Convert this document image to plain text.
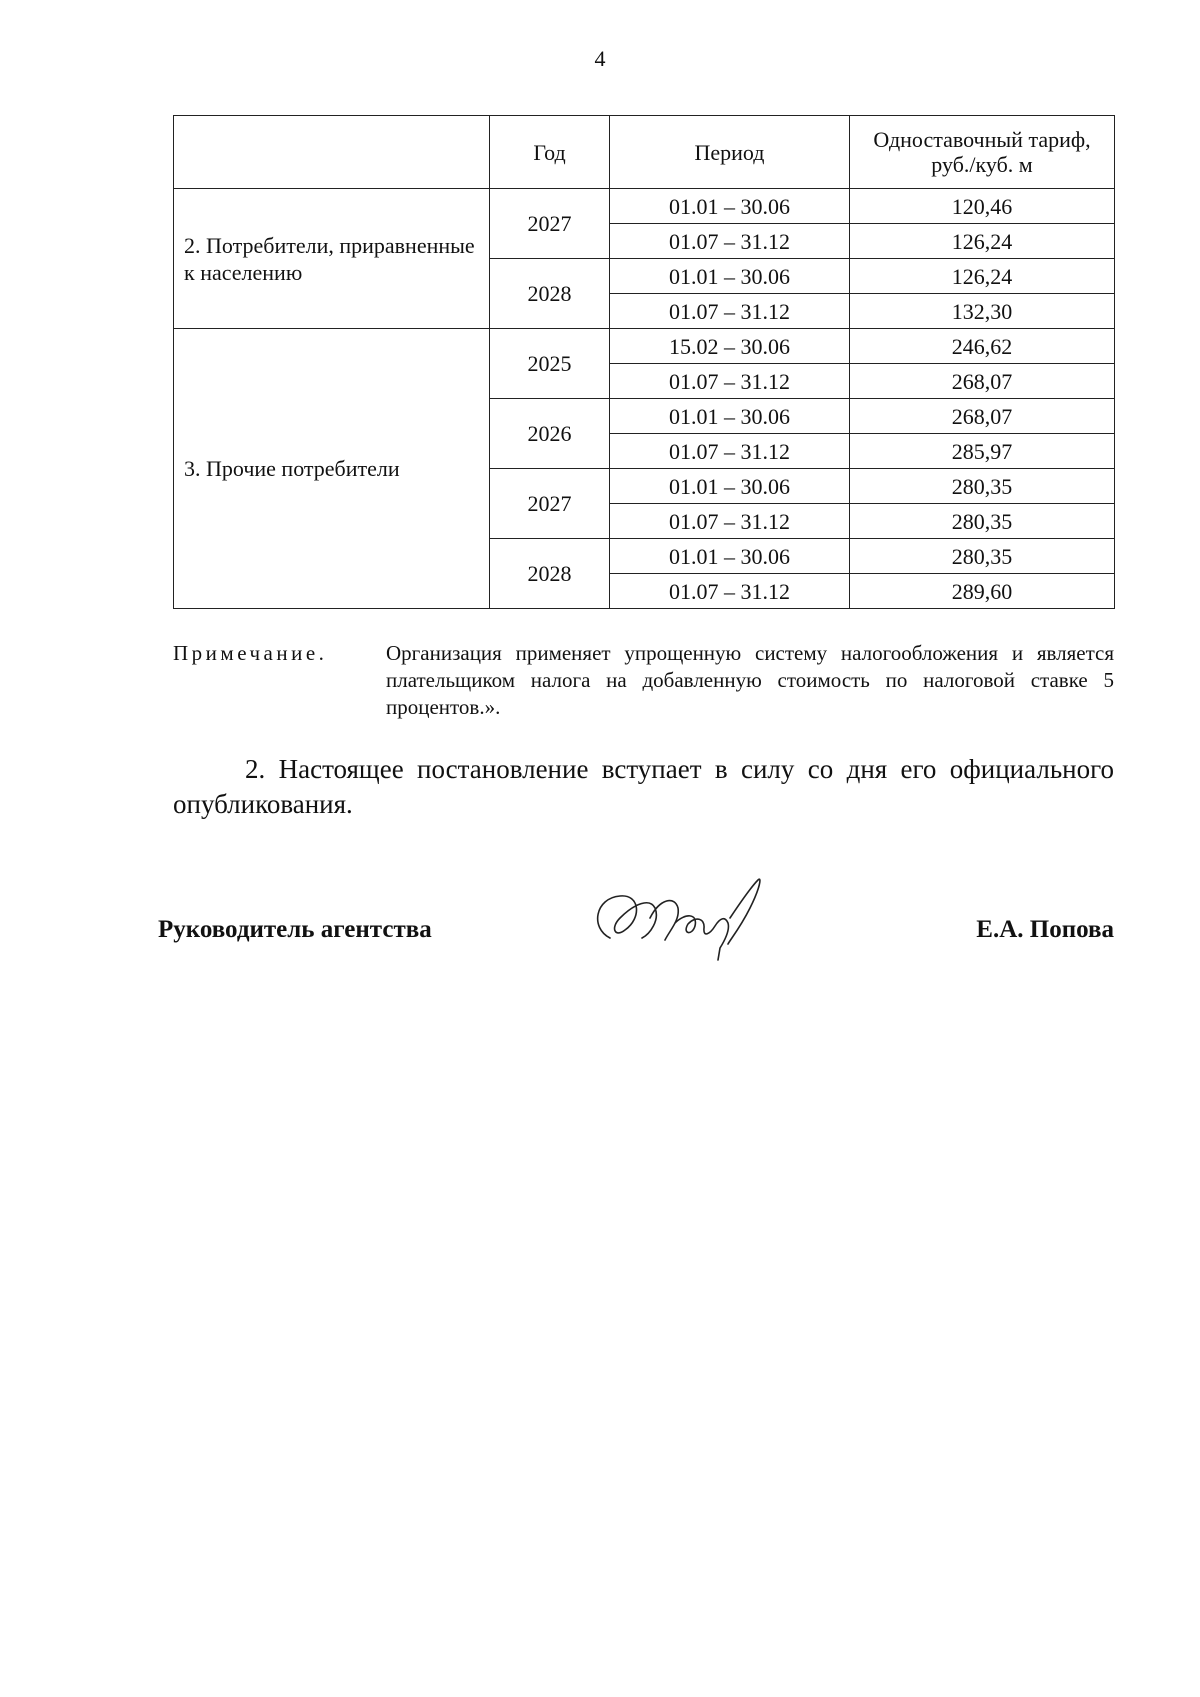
4
	Год	Период	Одноставочный тариф, руб./куб. м
2. Потребители, приравненные к населению	2027	01.01 – 30.06	120,46
		01.07 – 31.12	126,24
	2028	01.01 – 30.06	126,24
		01.07 – 31.12	132,30
3. Прочие потребители	2025	15.02 – 30.06	246,62
		01.07 – 31.12	268,07
	2026	01.01 – 30.06	268,07
		01.07 – 31.12	285,97
	2027	01.01 – 30.06	280,35
		01.07 – 31.12	280,35
	2028	01.01 – 30.06	280,35
		01.07 – 31.12	289,60
Примечание.	Организация применяет упрощенную систему налогообложения и является плательщиком налога на добавленную стоимость по налоговой ставке 5 процентов.».
2. Настоящее постановление вступает в силу со дня его официального опубликования.
Руководитель агентства	Е.А. Попова
